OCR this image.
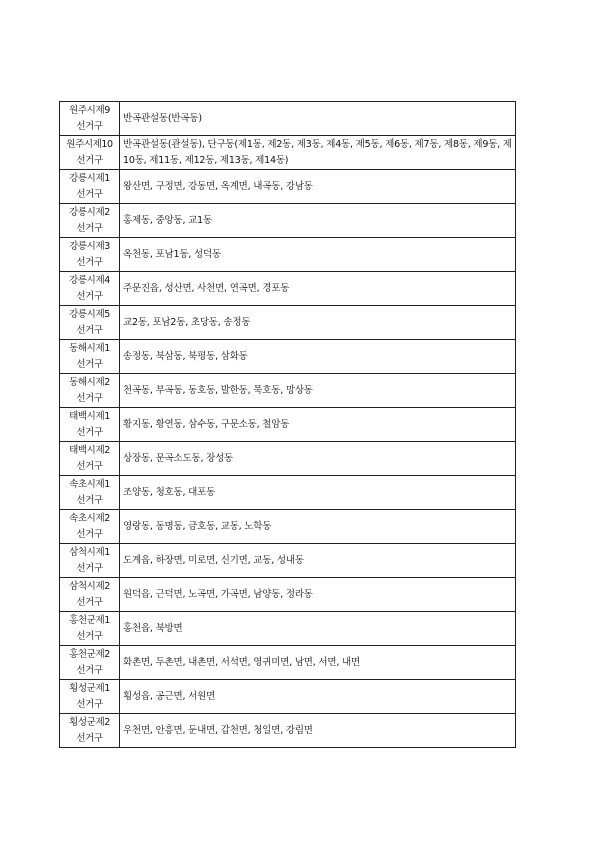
원주시제9
선거구	반곡관설동(반곡동)
원주시제10
선거구	반곡관설동(관설동), 단구동(제1동, 제2동, 제3동, 제4동, 제5동, 제6동, 제7동, 제8동, 제9동, 제10동, 제11동, 제12동, 제13동, 제14동)
강릉시제1
선거구	왕산면, 구정면, 강동면, 옥계면, 내곡동, 강남동
강릉시제2
선거구	홍제동, 중앙동, 교1동
강릉시제3
선거구	옥천동, 포남1동, 성덕동
강릉시제4
선거구	주문진읍, 성산면, 사천면, 연곡면, 경포동
강릉시제5
선거구	교2동, 포남2동, 초당동, 송정동
동해시제1
선거구	송정동, 북삼동, 북평동, 삼화동
동해시제2
선거구	천곡동, 부곡동, 동호동, 발한동, 묵호동, 망상동
태백시제1
선거구	황지동, 황연동, 삼수동, 구문소동, 철암동
태백시제2
선거구	상장동, 문곡소도동, 장성동
속초시제1
선거구	조양동, 청호동, 대포동
속초시제2
선거구	영랑동, 동명동, 금호동, 교동, 노학동
삼척시제1
선거구	도계읍, 하장면, 미로면, 신기면, 교동, 성내동
삼척시제2
선거구	원덕읍, 근덕면, 노곡면, 가곡면, 남양동, 정라동
홍천군제1
선거구	홍천읍, 북방면
홍천군제2
선거구	화촌면, 두촌면, 내촌면, 서석면, 영귀미면, 남면, 서면, 내면
횡성군제1
선거구	횡성읍, 공근면, 서원면
횡성군제2
선거구	우천면, 안흥면, 둔내면, 갑천면, 청일면, 강림면
